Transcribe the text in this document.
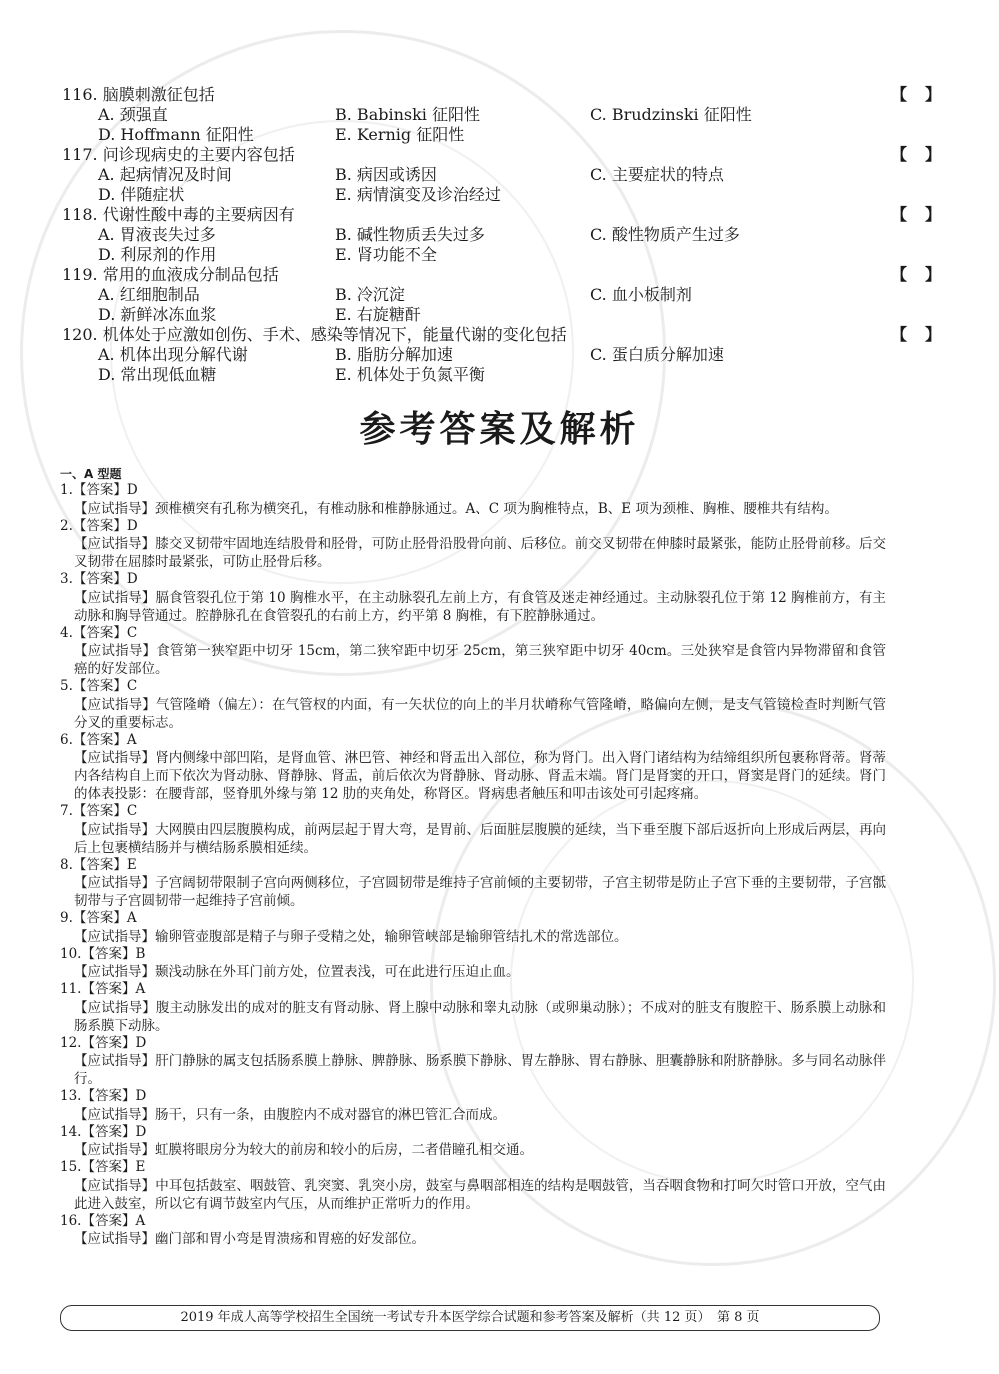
116. 脑膜刺激征包括	【　】
A. 颈强直	B. Babinski 征阳性	C. Brudzinski 征阳性
D. Hoffmann 征阳性	E. Kernig 征阳性
117. 问诊现病史的主要内容包括	【　】
A. 起病情况及时间	B. 病因或诱因	C. 主要症状的特点
D. 伴随症状	E. 病情演变及诊治经过
118. 代谢性酸中毒的主要病因有	【　】
A. 胃液丧失过多	B. 碱性物质丢失过多	C. 酸性物质产生过多
D. 利尿剂的作用	E. 肾功能不全
119. 常用的血液成分制品包括	【　】
A. 红细胞制品	B. 冷沉淀	C. 血小板制剂
D. 新鲜冰冻血浆	E. 右旋糖酐
120. 机体处于应激如创伤、手术、感染等情况下，能量代谢的变化包括	【　】
A. 机体出现分解代谢	B. 脂肪分解加速	C. 蛋白质分解加速
D. 常出现低血糖	E. 机体处于负氮平衡
参考答案及解析
一、A 型题
1.【答案】D
【应试指导】颈椎横突有孔称为横突孔，有椎动脉和椎静脉通过。A、C 项为胸椎特点，B、E 项为颈椎、胸椎、腰椎共有结构。
2.【答案】D
【应试指导】膝交叉韧带牢固地连结股骨和胫骨，可防止胫骨沿股骨向前、后移位。前交叉韧带在伸膝时最紧张，能防止胫骨前移。后交叉韧带在屈膝时最紧张，可防止胫骨后移。
3.【答案】D
【应试指导】膈食管裂孔位于第 10 胸椎水平，在主动脉裂孔左前上方，有食管及迷走神经通过。主动脉裂孔位于第 12 胸椎前方，有主动脉和胸导管通过。腔静脉孔在食管裂孔的右前上方，约平第 8 胸椎，有下腔静脉通过。
4.【答案】C
【应试指导】食管第一狭窄距中切牙 15cm，第二狭窄距中切牙 25cm，第三狭窄距中切牙 40cm。三处狭窄是食管内异物滞留和食管癌的好发部位。
5.【答案】C
【应试指导】气管隆嵴（偏左）：在气管杈的内面，有一矢状位的向上的半月状嵴称气管隆嵴，略偏向左侧，是支气管镜检查时判断气管分叉的重要标志。
6.【答案】A
【应试指导】肾内侧缘中部凹陷，是肾血管、淋巴管、神经和肾盂出入部位，称为肾门。出入肾门诸结构为结缔组织所包裹称肾蒂。肾蒂内各结构自上而下依次为肾动脉、肾静脉、肾盂，前后依次为肾静脉、肾动脉、肾盂末端。肾门是肾窦的开口，肾窦是肾门的延续。肾门的体表投影：在腰背部，竖脊肌外缘与第 12 肋的夹角处，称肾区。肾病患者触压和叩击该处可引起疼痛。
7.【答案】C
【应试指导】大网膜由四层腹膜构成，前两层起于胃大弯，是胃前、后面脏层腹膜的延续，当下垂至腹下部后返折向上形成后两层，再向后上包裹横结肠并与横结肠系膜相延续。
8.【答案】E
【应试指导】子宫阔韧带限制子宫向两侧移位，子宫圆韧带是维持子宫前倾的主要韧带，子宫主韧带是防止子宫下垂的主要韧带，子宫骶韧带与子宫圆韧带一起维持子宫前倾。
9.【答案】A
【应试指导】输卵管壶腹部是精子与卵子受精之处，输卵管峡部是输卵管结扎术的常选部位。
10.【答案】B
【应试指导】颞浅动脉在外耳门前方处，位置表浅，可在此进行压迫止血。
11.【答案】A
【应试指导】腹主动脉发出的成对的脏支有肾动脉、肾上腺中动脉和睾丸动脉（或卵巢动脉）；不成对的脏支有腹腔干、肠系膜上动脉和肠系膜下动脉。
12.【答案】D
【应试指导】肝门静脉的属支包括肠系膜上静脉、脾静脉、肠系膜下静脉、胃左静脉、胃右静脉、胆囊静脉和附脐静脉。多与同名动脉伴行。
13.【答案】D
【应试指导】肠干，只有一条，由腹腔内不成对器官的淋巴管汇合而成。
14.【答案】D
【应试指导】虹膜将眼房分为较大的前房和较小的后房，二者借瞳孔相交通。
15.【答案】E
【应试指导】中耳包括鼓室、咽鼓管、乳突窦、乳突小房，鼓室与鼻咽部相连的结构是咽鼓管，当吞咽食物和打呵欠时管口开放，空气由此进入鼓室，所以它有调节鼓室内气压，从而维护正常听力的作用。
16.【答案】A
【应试指导】幽门部和胃小弯是胃溃疡和胃癌的好发部位。
2019 年成人高等学校招生全国统一考试专升本医学综合试题和参考答案及解析（共 12 页）　第 8 页
